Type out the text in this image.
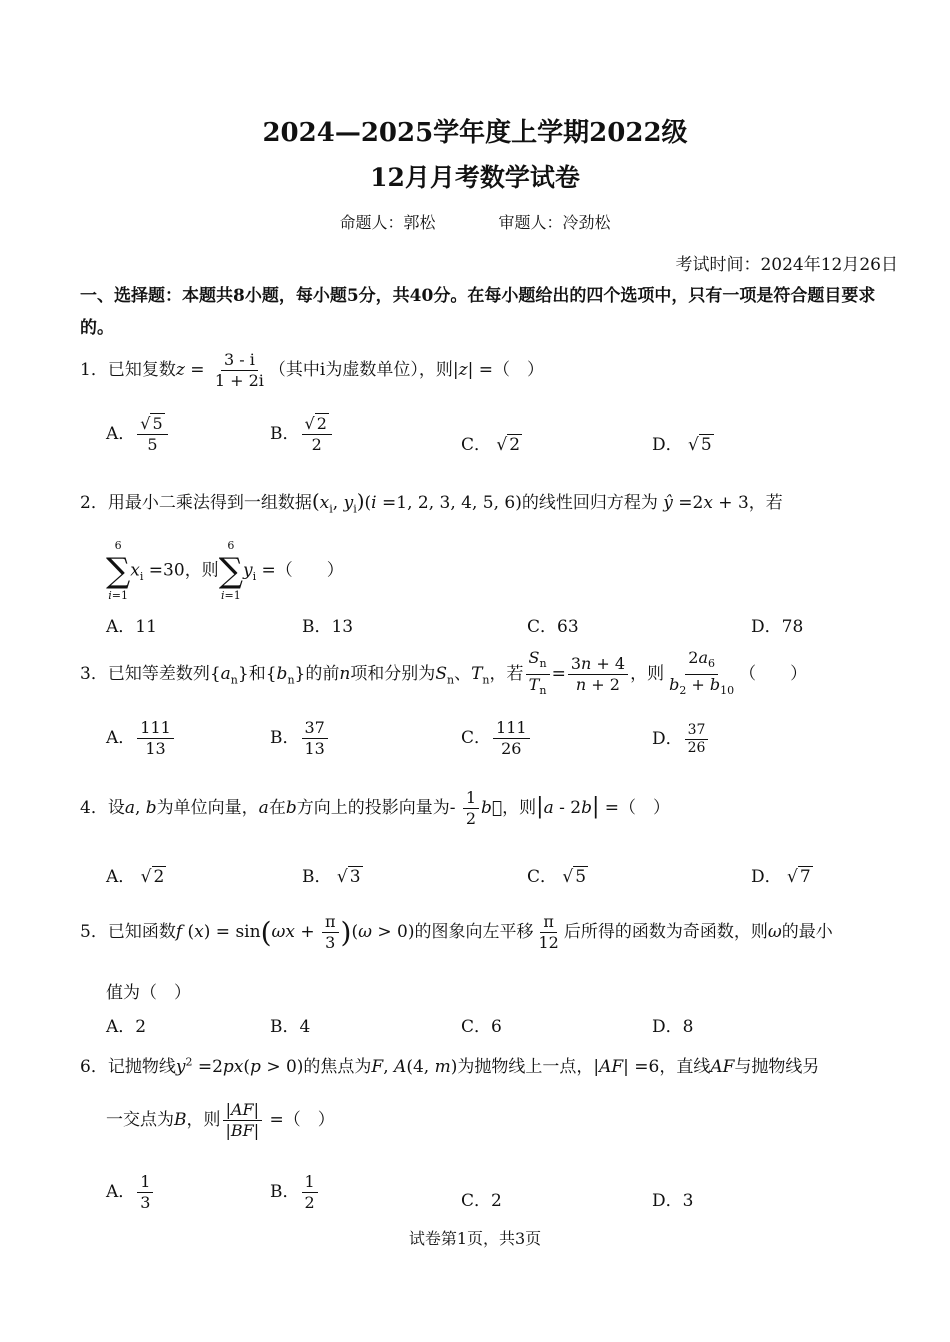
2024—2025学年度上学期2022级
12月月考数学试卷
命题人：郭松	审题人：冷劲松
考试时间：2024年12月26日
一、选择题：本题共8小题，每小题5分，共40分。在每小题给出的四个选项中，只有一项是符合题目要求的。
1．已知复数$z = \frac{3 - i}{1 + 2i}$ （其中i为虚数单位），则|z| =（　）
A． $\frac{√ 5}{5}$	B． $\frac{√ 2}{2}$	C． √ 2	D． √ 5
2．用最小二乘法得到一组数据($x_i$, $y_i)(i =1$, 2, 3, 4, 5, 6)的线性回归方程为 ŷ =2x + 3，若
6
∑
i=1
$x_i =30$，则
6
∑
i=1
$y_i$ =（　　）
A．11	B．13	C．63	D．78
3．已知等差数列$\{a_n\}$和$\{b_n\}$的前n项和分别为$S_n$、$T_n$，若 $\frac{S_n}{T_n} = \frac{3n + 4}{n + 2}$ ，则 $\frac{2a_6}{b_2 + b_{10}}$ （　　）
A． $\frac{111}{13}$	B． $\frac{37}{13}$	C． $\frac{111}{26}$	D． $\frac{37}{26}$
4．设a, b为单位向量，a在b方向上的投影向量为- $\frac{1}{2}$ b⃗，则|a - 2b| =（　）
A． √ 2	B． √ 3	C． √ 5	D． √ 7
5．已知函数f $(x) = \sin(\omega x + \frac{\pi}{3} )(\omega > 0)$的图象向左平移 $\frac{\pi}{12}$ 后所得的函数为奇函数，则ω的最小
值为（　）
A．2	B．4	C．6	D．8
6．记抛物线$y^2 =2px(p > 0)$的焦点为F, A(4, m)为抛物线上一点，|AF| =6，直线AF与抛物线另
一交点为B，则 $\frac{|AF|}{|BF|}$ =（　）
A． $\frac{1}{3}$	B． $\frac{1}{2}$	C．2	D．3
试卷第1页，共3页
